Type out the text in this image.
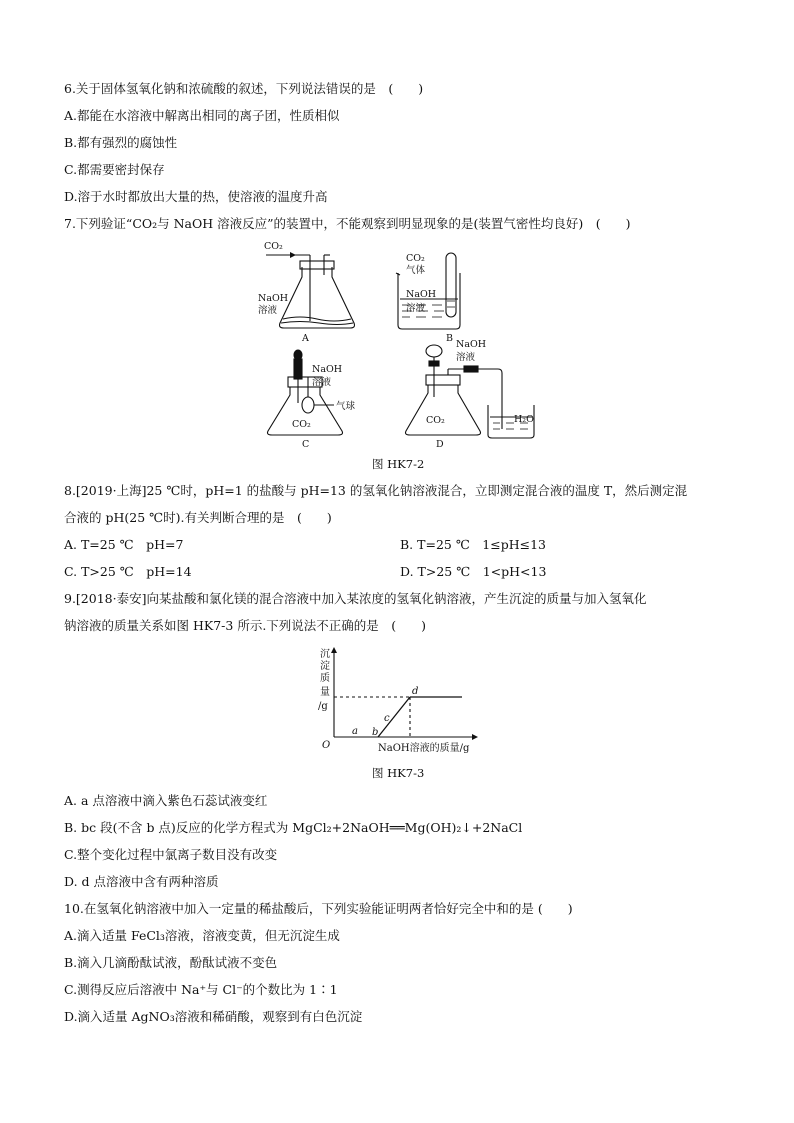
6.关于固体氢氧化钠和浓硫酸的叙述，下列说法错误的是　(　　)
A.都能在水溶液中解离出相同的离子团，性质相似
B.都有强烈的腐蚀性
C.都需要密封保存
D.溶于水时都放出大量的热，使溶液的温度升高
7.下列验证“CO₂与 NaOH 溶液反应”的装置中，不能观察到明显现象的是(装置气密性均良好)　(　　)
CO₂
NaOH
溶液
A
CO₂
气体
NaOH
溶液
B
NaOH
溶液
气球
CO₂
C
NaOH
溶液
CO₂	H₂O
D
图 HK7-2
8.[2019·上海]25 ℃时，pH=1 的盐酸与 pH=13 的氢氧化钠溶液混合，立即测定混合液的温度 T，然后测定混
合液的 pH(25 ℃时).有关判断合理的是　(　　)
A. T=25 ℃　pH=7	B. T=25 ℃　1≤pH≤13
C. T>25 ℃　pH=14	D. T>25 ℃　1<pH<13
9.[2018·泰安]向某盐酸和氯化镁的混合溶液中加入某浓度的氢氧化钠溶液，产生沉淀的质量与加入氢氧化
钠溶液的质量关系如图 HK7-3 所示.下列说法不正确的是　(　　)
沉
淀
质
量
/g
O	NaOH溶液的质量/g
a b
c
d
图 HK7-3
A. a 点溶液中滴入紫色石蕊试液变红
B. bc 段(不含 b 点)反应的化学方程式为 MgCl₂+2NaOH══Mg(OH)₂↓+2NaCl
C.整个变化过程中氯离子数目没有改变
D. d 点溶液中含有两种溶质
10.在氢氧化钠溶液中加入一定量的稀盐酸后，下列实验能证明两者恰好完全中和的是 (　　)
A.滴入适量 FeCl₃溶液，溶液变黄，但无沉淀生成
B.滴入几滴酚酞试液，酚酞试液不变色
C.测得反应后溶液中 Na⁺与 Cl⁻的个数比为 1∶1
D.滴入适量 AgNO₃溶液和稀硝酸，观察到有白色沉淀
